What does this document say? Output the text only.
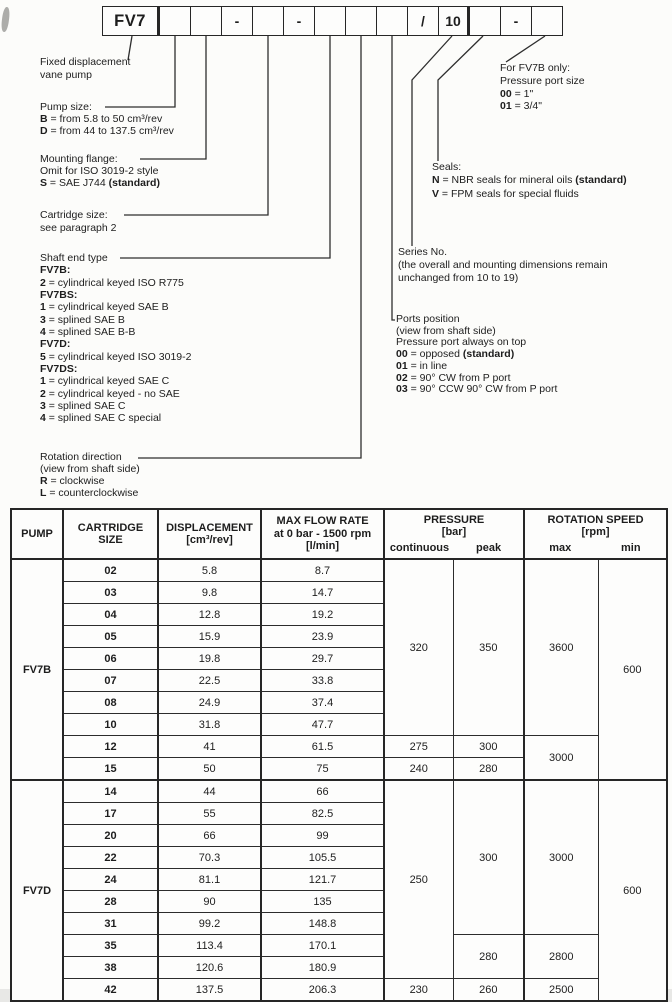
FV7	-	-	/	10	-
Fixed displacement
vane pump
Pump size:
B = from 5.8 to 50 cm³/rev
D = from 44 to 137.5 cm³/rev
Mounting flange:
Omit for ISO 3019-2 style
S = SAE J744 (standard)
Cartridge size:
see paragraph 2
Shaft end type
FV7B:
2 = cylindrical keyed ISO R775
FV7BS:
1 = cylindrical keyed SAE B
3 = splined SAE B
4 = splined SAE B-B
FV7D:
5 = cylindrical keyed ISO 3019-2
FV7DS:
1 = cylindrical keyed SAE C
2 = cylindrical keyed - no SAE
3 = splined SAE C
4 = splined SAE C special
Rotation direction
(view from shaft side)
R = clockwise
L = counterclockwise
For FV7B only:
Pressure port size
00 = 1"
01 = 3/4"
Seals:
N = NBR seals for mineral oils (standard)
V = FPM seals for special fluids
Series No.
(the overall and mounting dimensions remain
unchanged from 10 to 19)
Ports position
(view from shaft side)
Pressure port always on top
00 = opposed (standard)
01 = in line
02 = 90° CW from P port
03 = 90° CCW 90° CW from P port
PUMP	
CARTRIDGE
SIZE

DISPLACEMENT
[cm³/rev]

MAX FLOW RATE
at 0 bar - 1500 rpm
[l/min]

PRESSURE
[bar]
continuous	peak

ROTATION SPEED
[rpm]
max	min

FV7B	02	5.8	8.7	320	350	3600	600
	03	9.8	14.7				
	04	12.8	19.2				
	05	15.9	23.9				
	06	19.8	29.7				
	07	22.5	33.8				
	08	24.9	37.4				
	10	31.8	47.7				
	12	41	61.5	275	300	3000	
	15	50	75	240	280		
FV7D	14	44	66	250	300	3000	600
	17	55	82.5				
	20	66	99				
	22	70.3	105.5				
	24	81.1	121.7				
	28	90	135				
	31	99.2	148.8				
	35	113.4	170.1		280	2800	
	38	120.6	180.9				
	42	137.5	206.3	230	260	2500	
